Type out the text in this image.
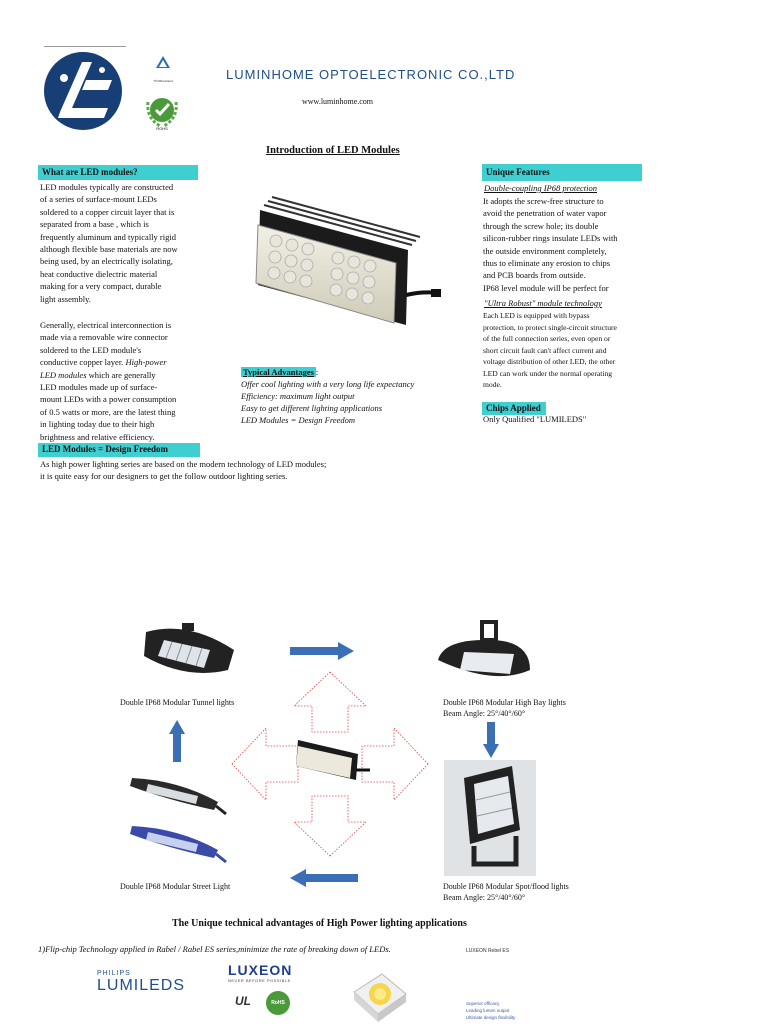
TÜVRheinland
ROHS
LUMINHOME OPTOELECTRONIC CO.,LTD
www.luminhome.com
Introduction of LED Modules
What are LED modules?
LED modules typically are constructed
of a series of surface-mount LEDs
soldered to a copper circuit layer that is
separated from a base , which is
frequently aluminum and typically rigid
although flexible base materials are now
being used, by an electrically isolating,
heat conductive dielectric material
making for a very compact, durable
light assembly.
Generally, electrical interconnection is
made via a removable wire connector
soldered to the LED module's
conductive copper layer. High-power
LED modules which are generally
LED modules made up of surface-
mount LEDs with a power consumption
of 0.5 watts or more, are the latest thing
in lighting today due to their high
brightness and relative efficiency.
LED Modules = Design Freedom
As high power lighting series are based on the modern technology of LED modules;
it is quite easy for our designers to get the follow outdoor lighting series.
Typical Advantages :
Offer cool lighting with a very long life expectancy
Efficiency: maximum light output
Easy to get different lighting applications
LED Modules = Design Freedom
Unique Features
Double-coupling IP68 protection
It adopts the screw-free structure to
avoid the penetration of water vapor
through the screw hole; its double
silicon-rubber rings insulate LEDs with
the outside environment completely,
thus to eliminate any erosion to chips
and PCB boards from outside.
IP68 level module will be perfect for
"Ultra Robust" module technology
Each LED is equipped with bypass
protection, to protect single-circuit structure
of the full connection series, even open or
short circuit fault can't affect current and
voltage distribution of other LED, the other
LED can work under the normal operating
mode.
Chips Applied
Only Qualified "LUMILEDS"
Double IP68 Modular Tunnel lights	Double IP68 Modular High Bay lights
Beam Angle: 25°/40°/60°
Double IP68 Modular Street Light	Double IP68 Modular Spot/flood lights
Beam Angle: 25°/40°/60°
The Unique technical advantages of High Power lighting applications
1)Flip-chip Technology applied in Rabel / Rabel ES series,minimize the rate of breaking down of LEDs.
PHILIPS
LUMILEDS
LUXEON
NEVER BEFORE POSSIBLE
UL	RoHS
LUXEON Rebel ES
Superior efficacy
Leading lumen output
Ultimate design flexibility
